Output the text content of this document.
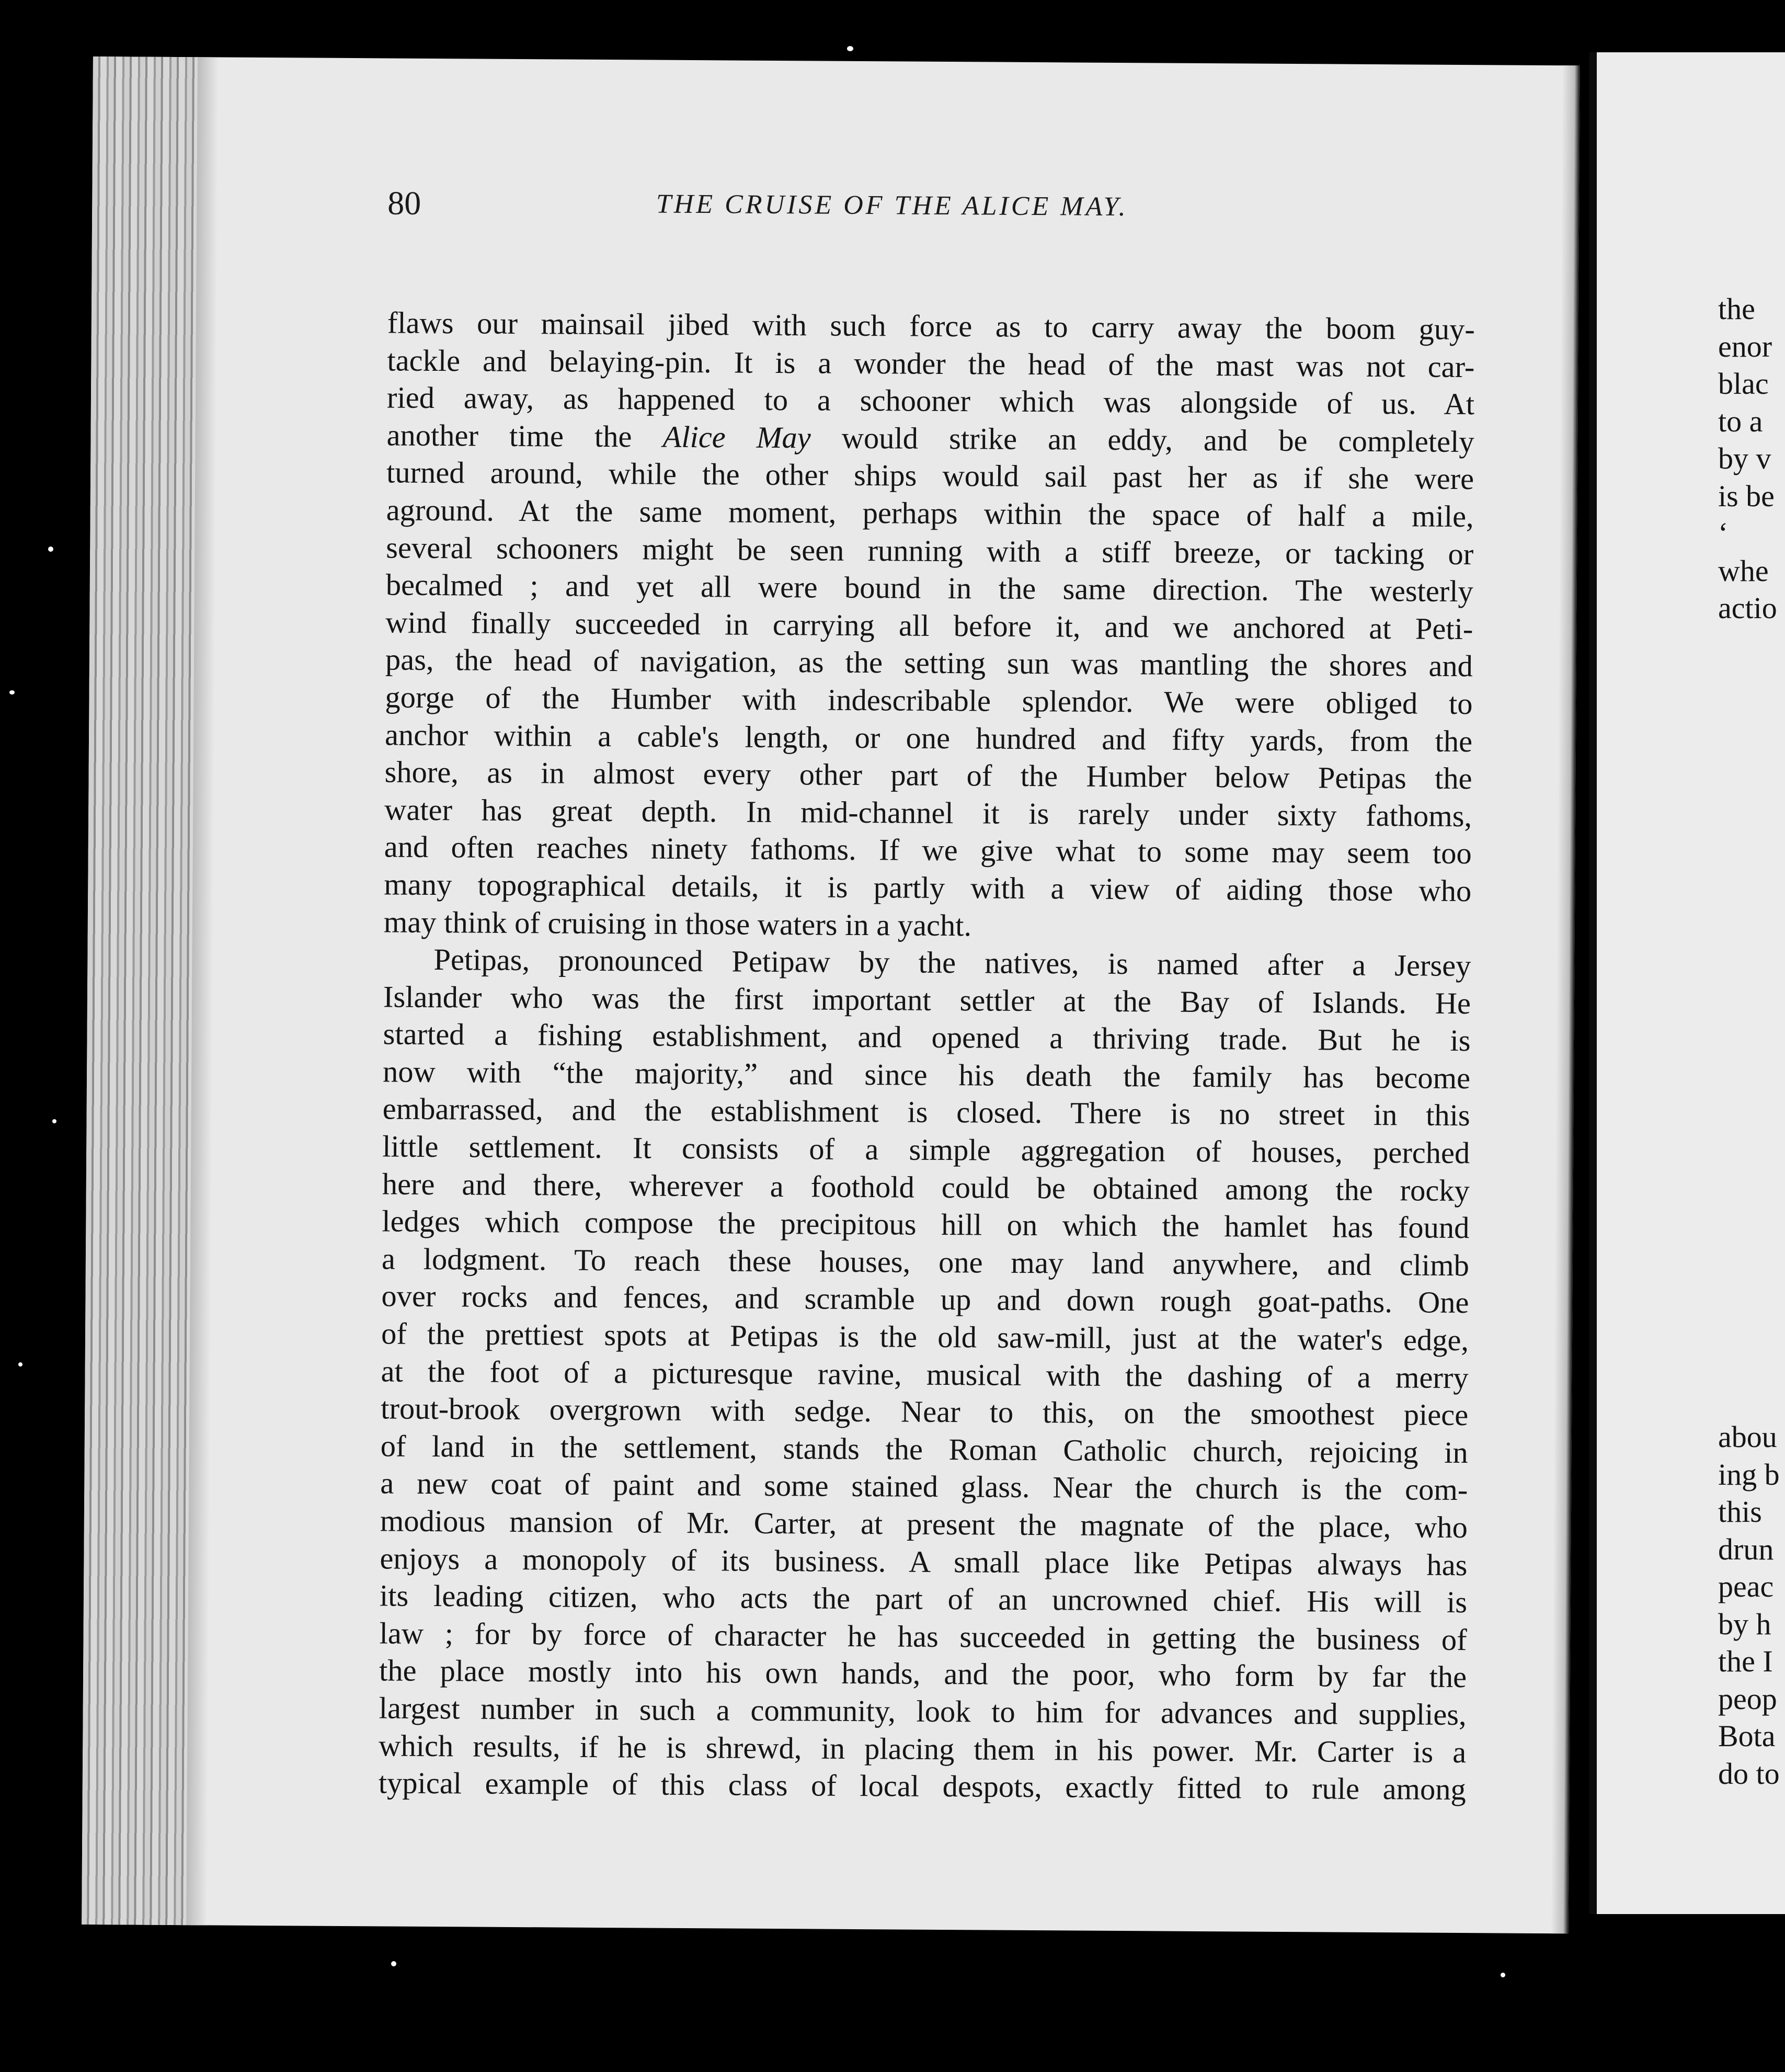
80	THE CRUISE OF THE ALICE MAY.
flaws our mainsail jibed with such force as to carry away the boom guy-
tackle and belaying-pin. It is a wonder the head of the mast was not car-
ried away, as happened to a schooner which was alongside of us. At
another time the Alice May would strike an eddy, and be completely
turned around, while the other ships would sail past her as if she were
aground. At the same moment, perhaps within the space of half a mile,
several schooners might be seen running with a stiff breeze, or tacking or
becalmed ; and yet all were bound in the same direction. The westerly
wind finally succeeded in carrying all before it, and we anchored at Peti-
pas, the head of navigation, as the setting sun was mantling the shores and
gorge of the Humber with indescribable splendor. We were obliged to
anchor within a cable's length, or one hundred and fifty yards, from the
shore, as in almost every other part of the Humber below Petipas the
water has great depth. In mid-channel it is rarely under sixty fathoms,
and often reaches ninety fathoms. If we give what to some may seem too
many topographical details, it is partly with a view of aiding those who
may think of cruising in those waters in a yacht.
Petipas, pronounced Petipaw by the natives, is named after a Jersey
Islander who was the first important settler at the Bay of Islands. He
started a fishing establishment, and opened a thriving trade. But he is
now with “the majority,” and since his death the family has become
embarrassed, and the establishment is closed. There is no street in this
little settlement. It consists of a simple aggregation of houses, perched
here and there, wherever a foothold could be obtained among the rocky
ledges which compose the precipitous hill on which the hamlet has found
a lodgment. To reach these houses, one may land anywhere, and climb
over rocks and fences, and scramble up and down rough goat-paths. One
of the prettiest spots at Petipas is the old saw-mill, just at the water's edge,
at the foot of a picturesque ravine, musical with the dashing of a merry
trout-brook overgrown with sedge. Near to this, on the smoothest piece
of land in the settlement, stands the Roman Catholic church, rejoicing in
a new coat of paint and some stained glass. Near the church is the com-
modious mansion of Mr. Carter, at present the magnate of the place, who
enjoys a monopoly of its business. A small place like Petipas always has
its leading citizen, who acts the part of an uncrowned chief. His will is
law ; for by force of character he has succeeded in getting the business of
the place mostly into his own hands, and the poor, who form by far the
largest number in such a community, look to him for advances and supplies,
which results, if he is shrewd, in placing them in his power. Mr. Carter is a
typical example of this class of local despots, exactly fitted to rule among
the
enor
blac
to a
by v
is be
‘
whe
actio
abou
ing b
this
drun
peac
by h
the I
peop
Bota
do to
